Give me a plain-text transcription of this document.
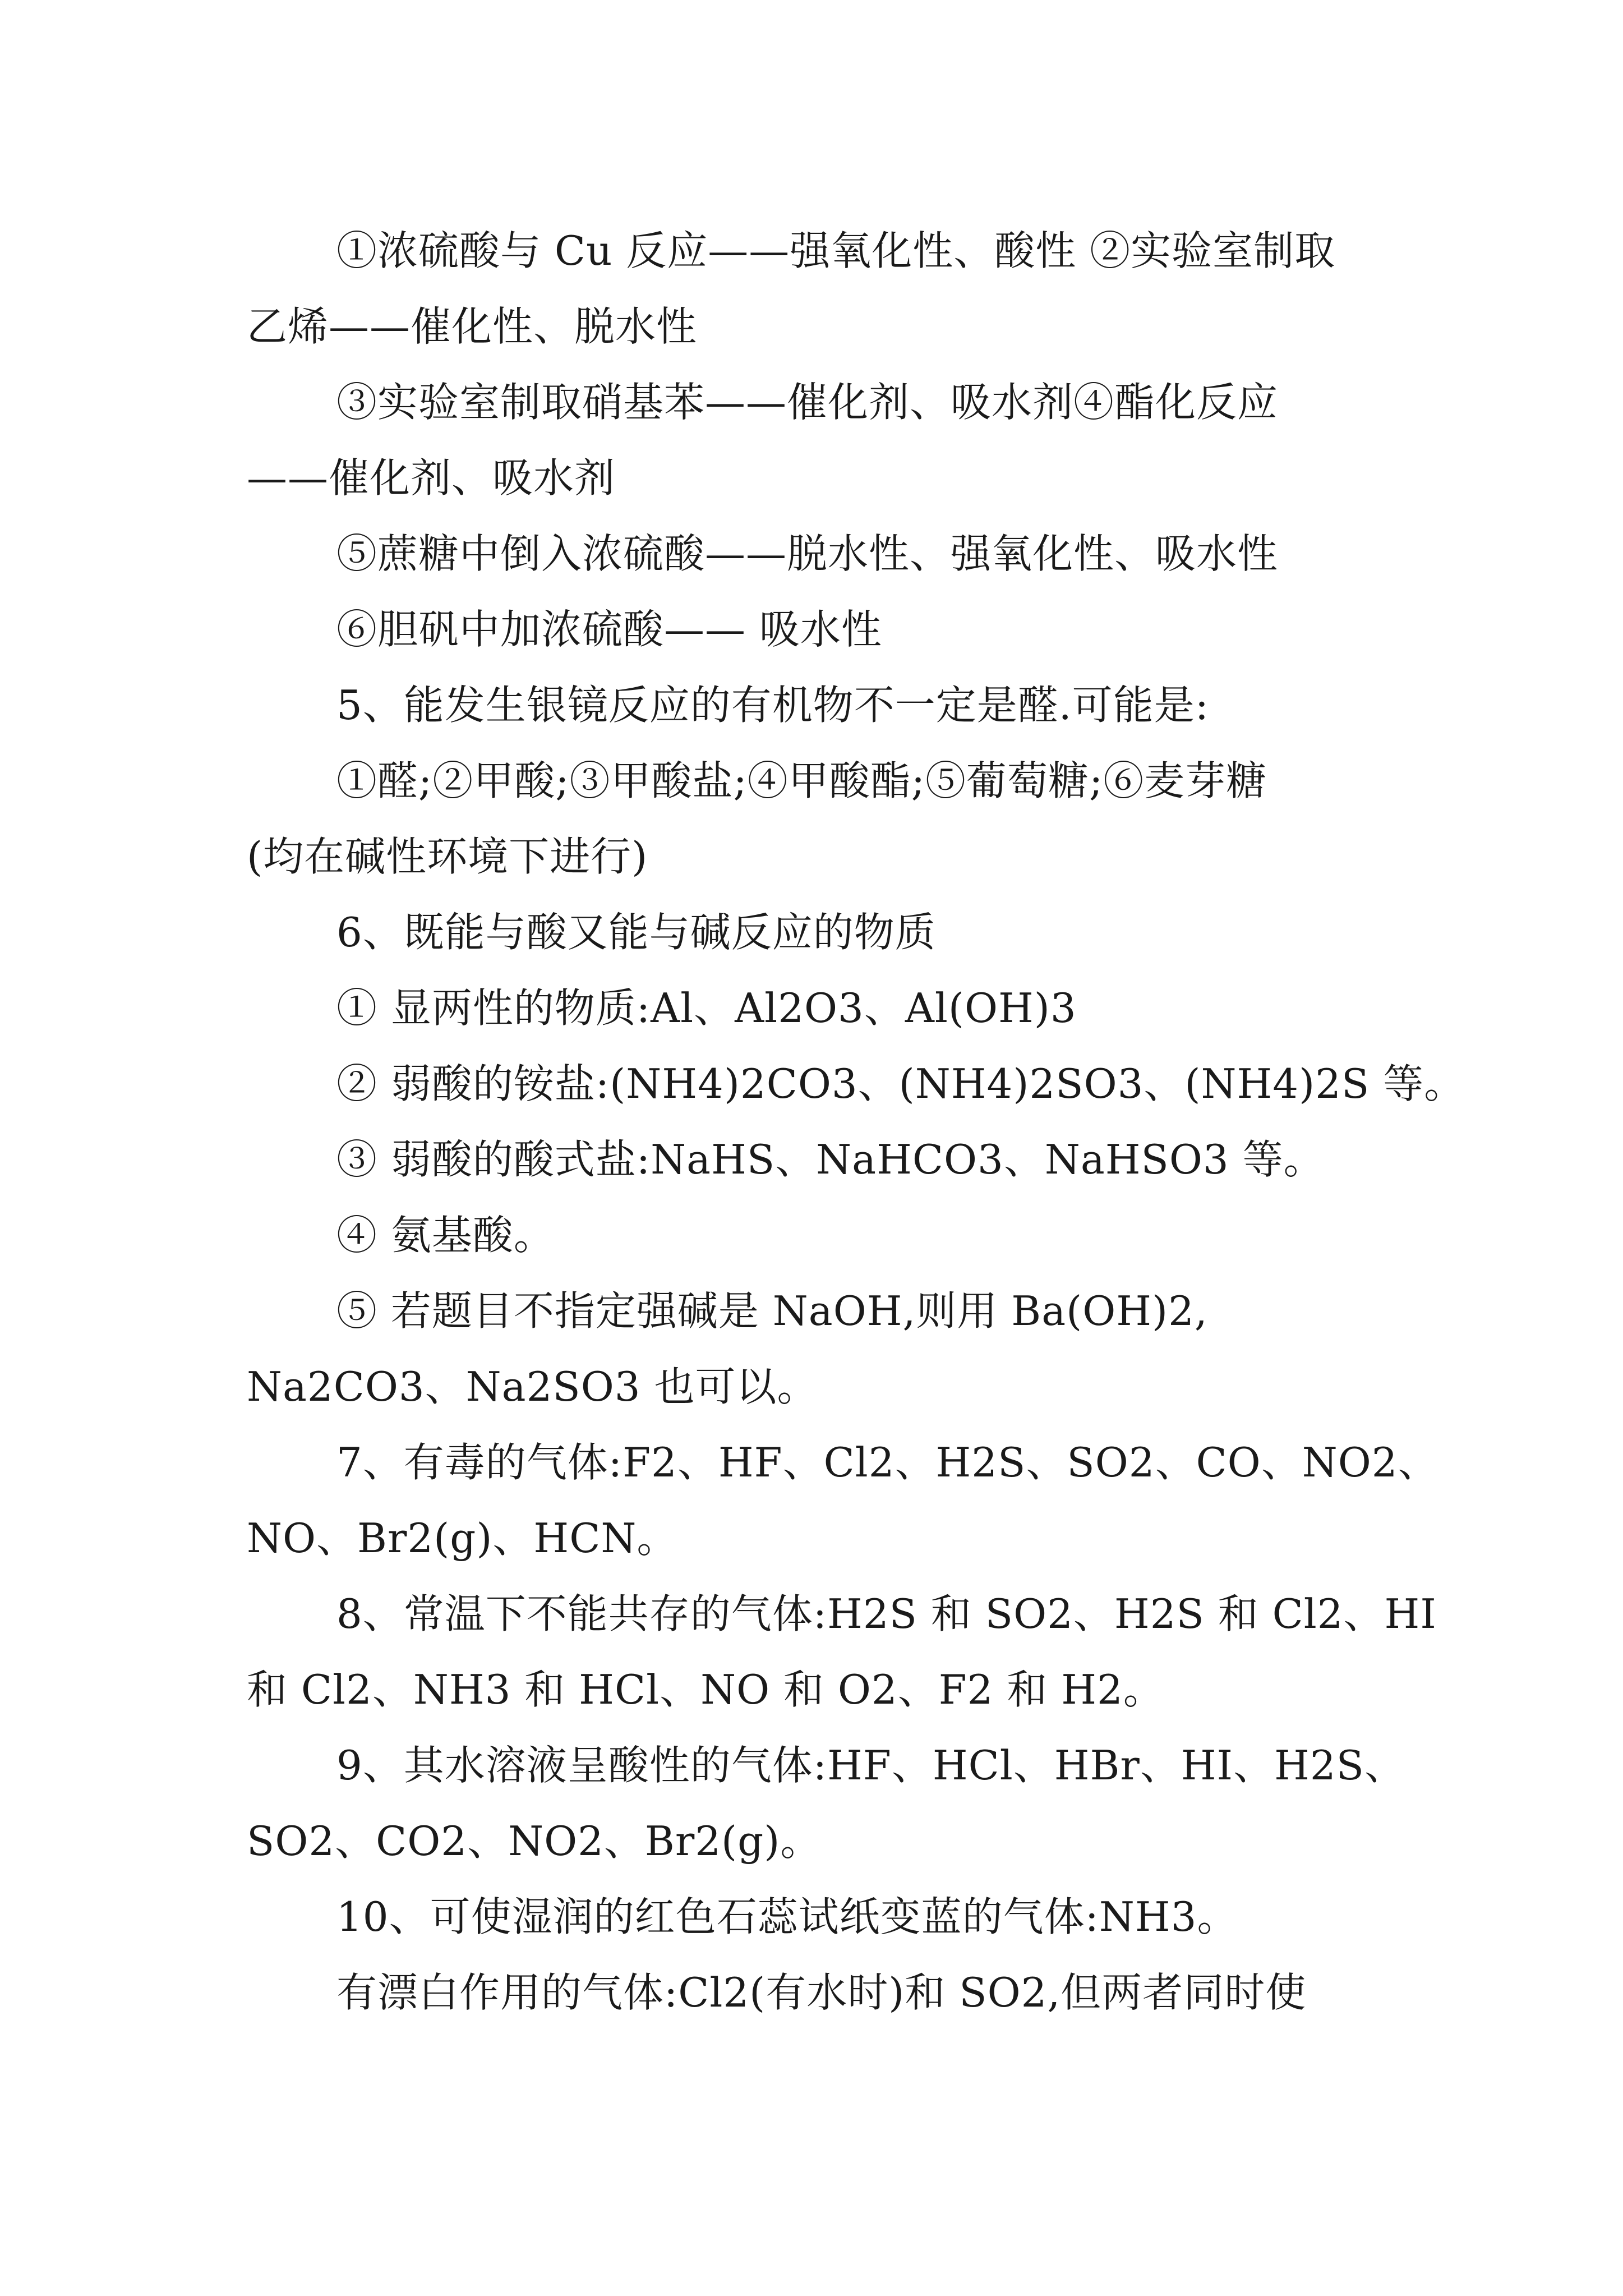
①浓硫酸与 Cu 反应——强氧化性、酸性 ②实验室制取
乙烯——催化性、脱水性
③实验室制取硝基苯——催化剂、吸水剂④酯化反应
——催化剂、吸水剂
⑤蔗糖中倒入浓硫酸——脱水性、强氧化性、吸水性
⑥胆矾中加浓硫酸—— 吸水性
5、能发生银镜反应的有机物不一定是醛.可能是:
①醛;②甲酸;③甲酸盐;④甲酸酯;⑤葡萄糖;⑥麦芽糖
(均在碱性环境下进行)
6、既能与酸又能与碱反应的物质
① 显两性的物质:Al、Al2O3、Al(OH)3
② 弱酸的铵盐:(NH4)2CO3、(NH4)2SO3、(NH4)2S 等。
③ 弱酸的酸式盐:NaHS、NaHCO3、NaHSO3 等。
④ 氨基酸。
⑤ 若题目不指定强碱是 NaOH,则用 Ba(OH)2,
Na2CO3、Na2SO3 也可以。
7、有毒的气体:F2、HF、Cl2、H2S、SO2、CO、NO2、
NO、Br2(g)、HCN。
8、常温下不能共存的气体:H2S 和 SO2、H2S 和 Cl2、HI
和 Cl2、NH3 和 HCl、NO 和 O2、F2 和 H2。
9、其水溶液呈酸性的气体:HF、HCl、HBr、HI、H2S、
SO2、CO2、NO2、Br2(g)。
10、可使湿润的红色石蕊试纸变蓝的气体:NH3。
有漂白作用的气体:Cl2(有水时)和 SO2,但两者同时使
